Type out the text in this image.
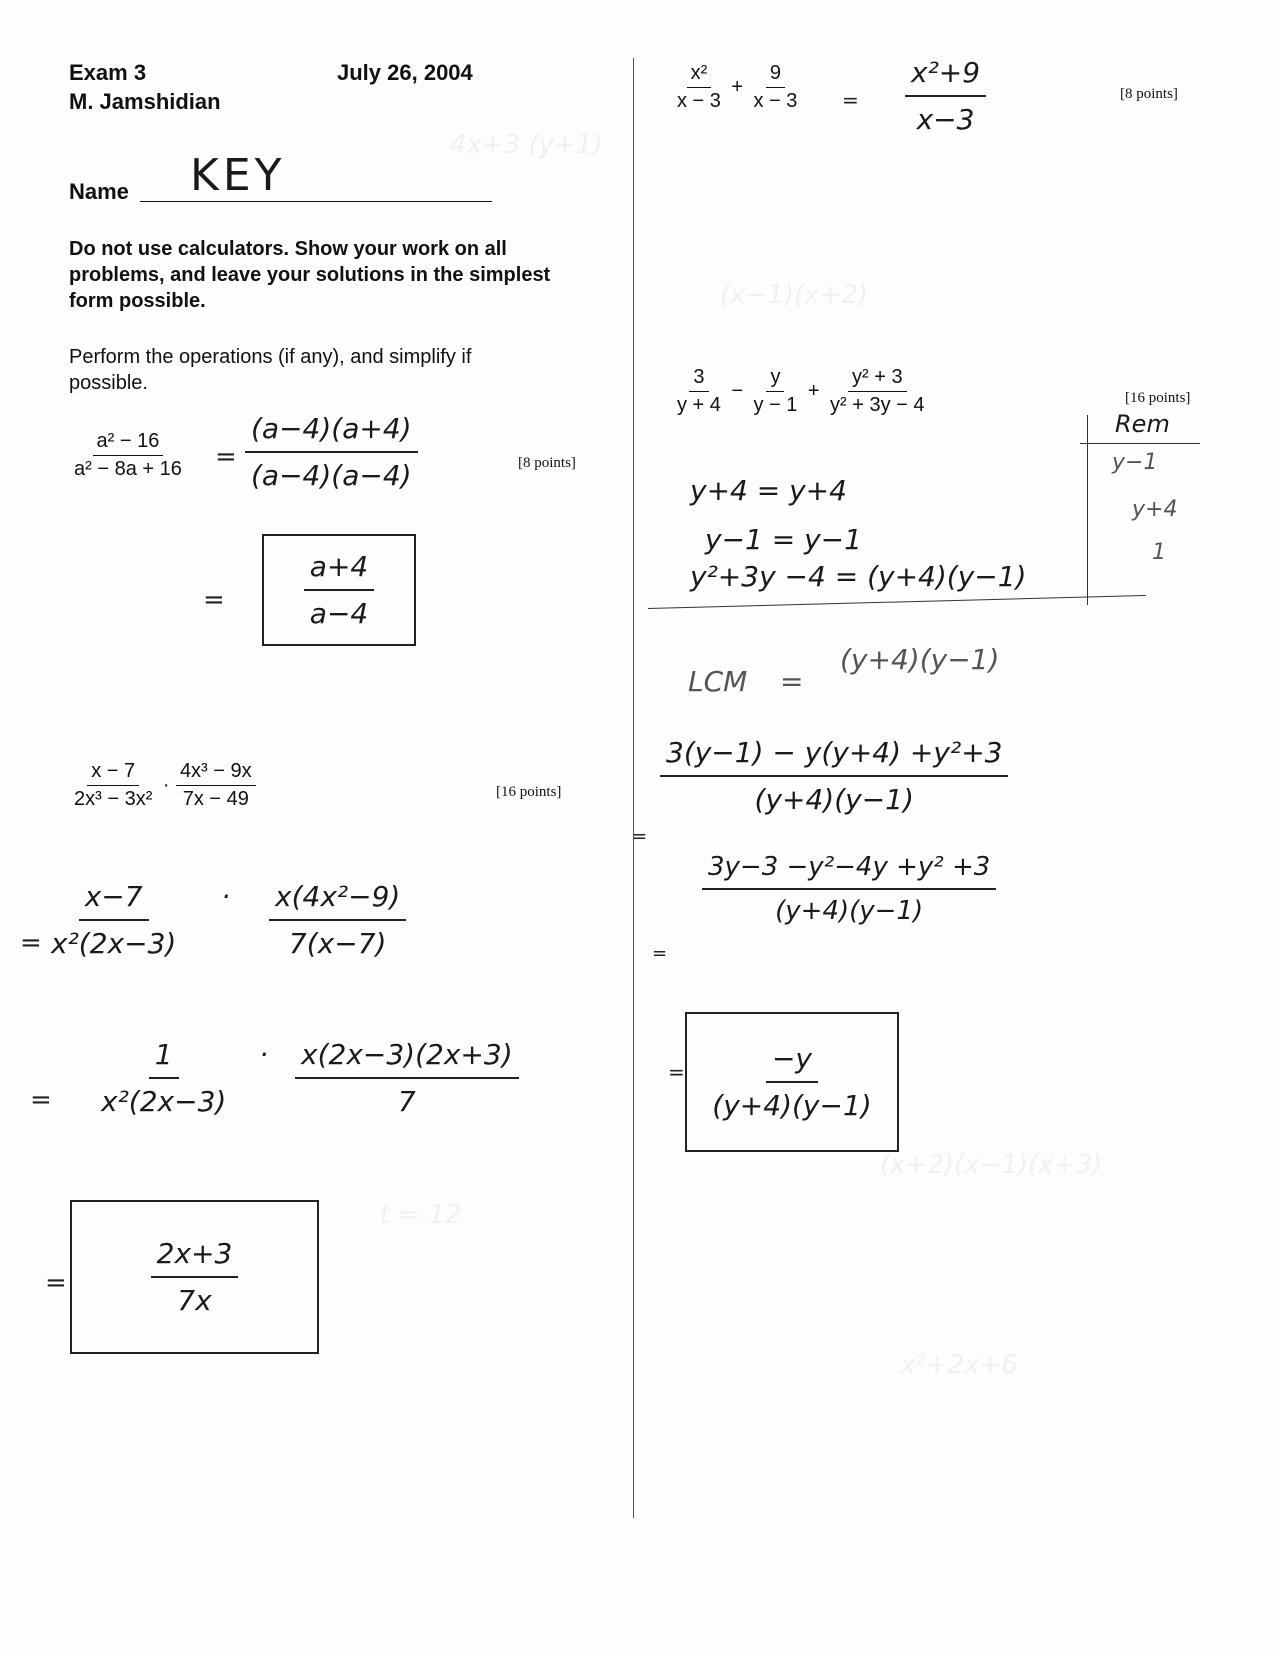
4x+3 (y+1)
(x−1)(x+2)
(x+2)(x−1)(x+3)
x²+2x+6
t = 12
Exam 3	July 26, 2004
M. Jamshidian
Name KEY
Do not use calculators. Show your work on all problems, and leave your solutions in the simplest form possible.
Perform the operations (if any), and simplify if possible.
$\frac{\text{a² − 16}}{\text{a² − 8a + 16}} = \frac{(a-4)(a+4)}{(a-4)(a-4)}$	[8 points]
=	$\frac{a+4}{a-4}$
$\frac{x - 7}{\text{2x³ − 3x²}} \cdot \frac{\text{4x³ − 9x}}{7x - 49}$	[16 points]
= $\frac{x-7}{\text{x²(2x−3)}} \cdot \frac{\text{x(4x²−9)}}{7(x-7)}$
= $\frac{1}{\text{x²(2x−3)}} \cdot \frac{x(2x-3)(2x+3)}{7}$
=	$\frac{2x+3}{7x}$
$\frac{\text{x²}}{x - 3} + \frac{9}{x - 3} = \frac{\text{x²+9}}{x-3}$	[8 points]
$\frac{3}{y + 4} - \frac{y}{y - 1} + \frac{\text{y² + 3}}{\text{y² + 3y − 4}}$	[16 points]
Rem
y−1
y+4
1
y+4 = y+4
y−1 = y−1
y²+3y −4 = (y+4)(y−1)
LCM =
(y+4)(y−1)
=
$\frac{\text{3(y−1) − y(y+4) +y²+3}}{(y+4)(y-1)}$
=
$\frac{\text{3y−3 −y²−4y +y² +3}}{(y+4)(y-1)}$
= $\frac{-y}{(y+4)(y-1)}$
